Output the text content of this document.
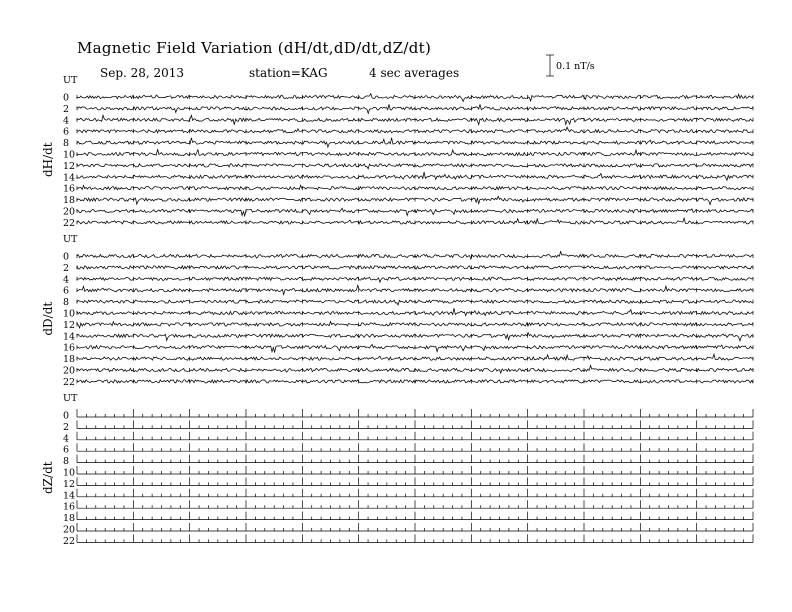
Magnetic Field Variation (dH/dt,dD/dt,dZ/dt)
Sep. 28, 2013	station=KAG	4 sec averages	0.1 nT/s
UT
dH/dt
0
2
4
6
8
10
12
14
16
18
20
22
UT
dD/dt
0
2
4
6
8
10
12
14
16
18
20
22
UT
dZ/dt
0
2
4
6
8
10
12
14
16
18
20
22
